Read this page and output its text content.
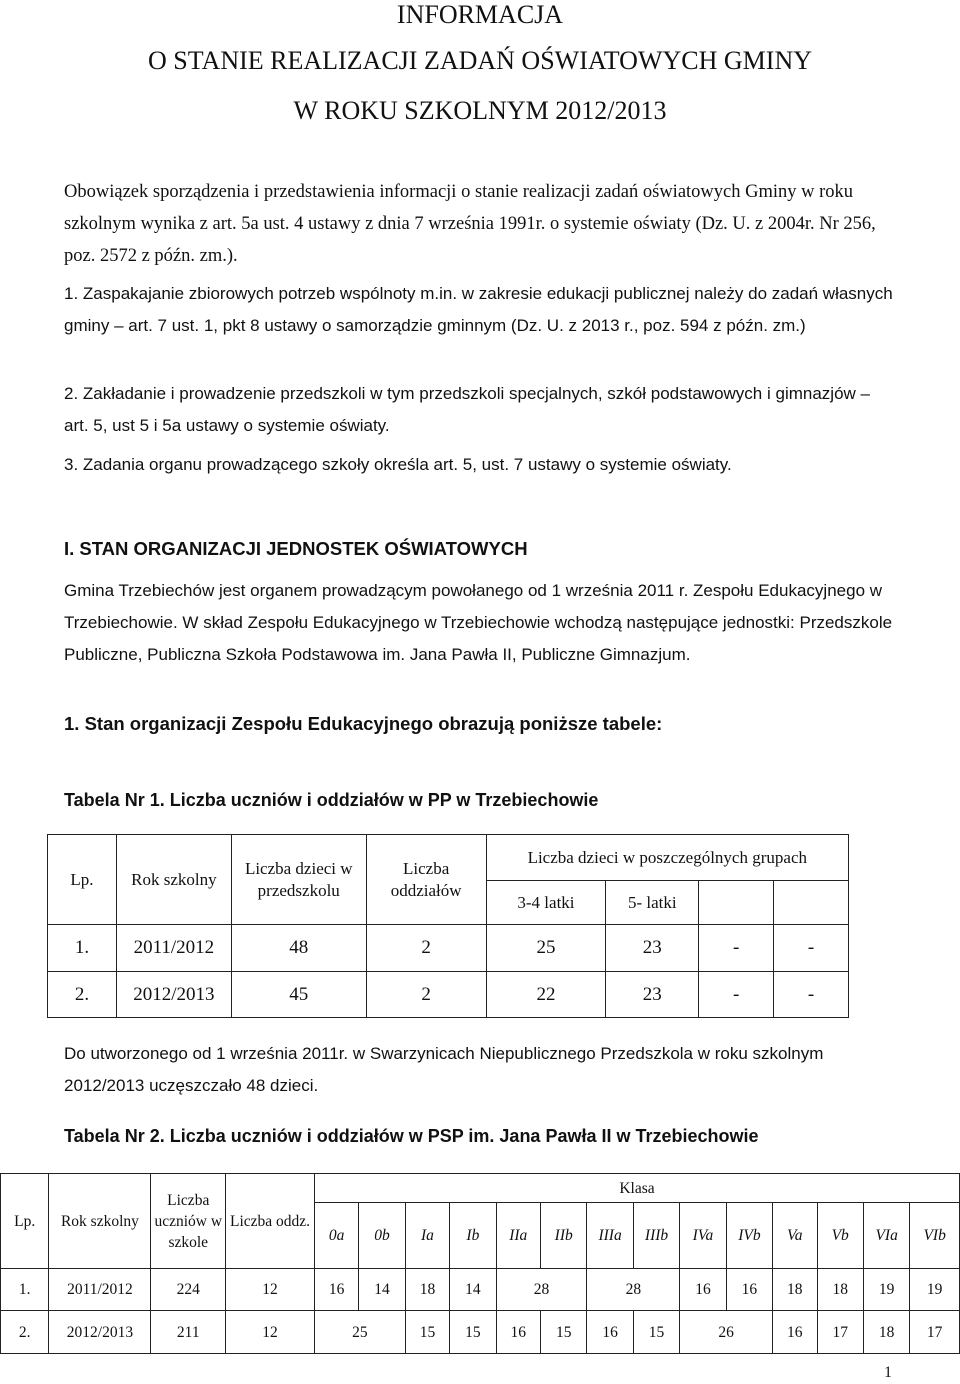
INFORMACJA
O STANIE REALIZACJI ZADAŃ OŚWIATOWYCH GMINY
W ROKU SZKOLNYM 2012/2013

Obowiązek sporządzenia i przedstawienia informacji o stanie realizacji zadań oświatowych Gminy w roku szkolnym wynika z art. 5a ust. 4 ustawy z dnia 7 września 1991r. o systemie oświaty (Dz. U. z 2004r. Nr 256, poz. 2572 z późn. zm.).

1. Zaspakajanie zbiorowych potrzeb wspólnoty m.in. w zakresie edukacji publicznej należy do zadań własnych gminy – art. 7 ust. 1, pkt 8 ustawy o samorządzie gminnym (Dz. U. z 2013 r., poz. 594 z późn. zm.)

2. Zakładanie i prowadzenie przedszkoli w tym przedszkoli specjalnych, szkół podstawowych i gimnazjów – art. 5, ust 5 i 5a ustawy o systemie oświaty.

3. Zadania organu prowadzącego szkoły określa art. 5, ust. 7 ustawy o systemie oświaty.

I. STAN ORGANIZACJI JEDNOSTEK OŚWIATOWYCH

Gmina Trzebiechów jest organem prowadzącym powołanego od 1 września 2011 r. Zespołu Edukacyjnego w Trzebiechowie. W skład Zespołu Edukacyjnego w Trzebiechowie wchodzą następujące jednostki: Przedszkole Publiczne, Publiczna Szkoła Podstawowa im. Jana Pawła II, Publiczne Gimnazjum.

1. Stan organizacji Zespołu Edukacyjnego obrazują poniższe tabele:
Tabela Nr 1. Liczba uczniów i oddziałów w PP w Trzebiechowie
Lp.	Rok szkolny	Liczba dzieci w przedszkolu	Liczba oddziałów	Liczba dzieci w poszczególnych grupach			
				3-4 latki	5- latki		
1.	2011/2012	48	2	25	23	-	-
2.	2012/2013	45	2	22	23	-	-

Do utworzonego od 1 września 2011r. w Swarzynicach Niepublicznego Przedszkola w roku szkolnym 2012/2013 uczęszczało 48 dzieci.

Tabela Nr 2. Liczba uczniów i oddziałów w PSP im. Jana Pawła II w Trzebiechowie
Lp.	Rok szkolny	Liczba uczniów w szkole	Liczba oddz.	Klasa													
				0a	0b	Ia	Ib	IIa	IIb	IIIa	IIIb	IVa	IVb	Va	Vb	VIa	VIb
1.	2011/2012	224	12	16	14	18	14	28		28		16	16	18	18	19	19
2.	2012/2013	211	12	25		15	15	16	15	16	15	26		16	17	18	17
1
